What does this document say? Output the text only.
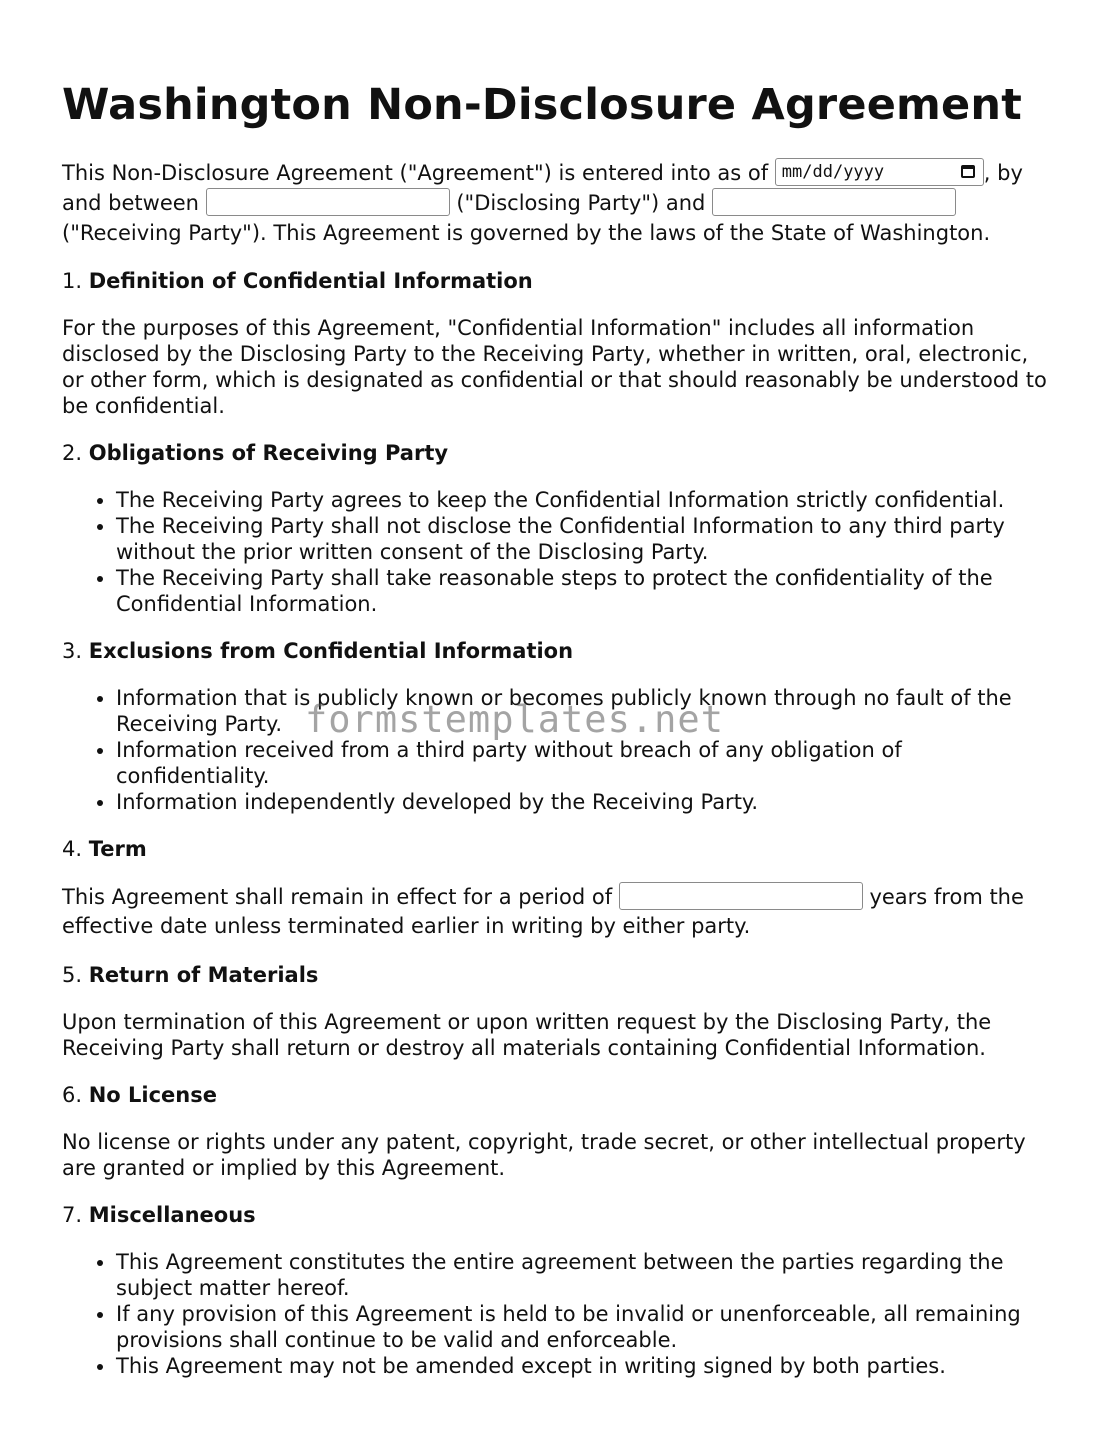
Washington Non-Disclosure Agreement

This Non-Disclosure Agreement ("Agreement") is entered into as of mm/dd/yyyy	, by and between	("Disclosing Party") and  ("Receiving Party"). This Agreement is governed by the laws of the State of Washington.

1. Definition of Confidential Information

For the purposes of this Agreement, "Confidential Information" includes all information disclosed by the Disclosing Party to the Receiving Party, whether in written, oral, electronic, or other form, which is designated as confidential or that should reasonably be understood to be confidential.

2. Obligations of Receiving Party

• The Receiving Party agrees to keep the Confidential Information strictly confidential.
• The Receiving Party shall not disclose the Confidential Information to any third party without the prior written consent of the Disclosing Party.
• The Receiving Party shall take reasonable steps to protect the confidentiality of the Confidential Information.

3. Exclusions from Confidential Information

• Information that is publicly known or becomes publicly known through no fault of the Receiving Party.
• Information received from a third party without breach of any obligation of confidentiality.
• Information independently developed by the Receiving Party.

4. Term

This Agreement shall remain in effect for a period of	years from the effective date unless terminated earlier in writing by either party.

5. Return of Materials

Upon termination of this Agreement or upon written request by the Disclosing Party, the Receiving Party shall return or destroy all materials containing Confidential Information.

6. No License

No license or rights under any patent, copyright, trade secret, or other intellectual property are granted or implied by this Agreement.

7. Miscellaneous

• This Agreement constitutes the entire agreement between the parties regarding the subject matter hereof.
• If any provision of this Agreement is held to be invalid or unenforceable, all remaining provisions shall continue to be valid and enforceable.
• This Agreement may not be amended except in writing signed by both parties.
formstemplates.net
